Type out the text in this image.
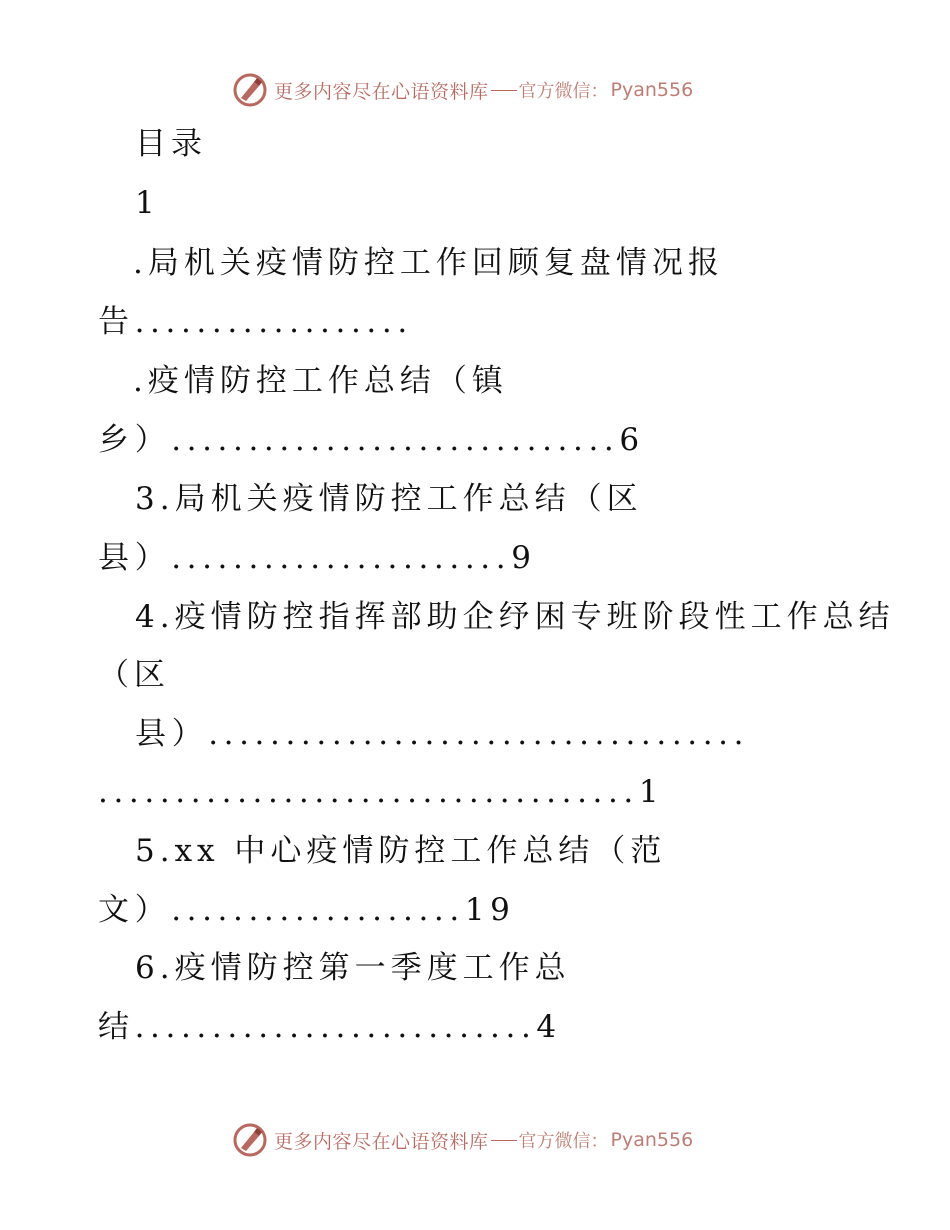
更多内容尽在心语资料库 官方微信： Pyan556
目录
1
.局机关疫情防控工作回顾复盘情况报
告..................
.疫情防控工作总结（镇
乡）.............................6
3.局机关疫情防控工作总结（区
县）......................9
4.疫情防控指挥部助企纾困专班阶段性工作总结
（区
县）...................................
...................................1
5.xx 中心疫情防控工作总结（范
文）...................19
6.疫情防控第一季度工作总
结..........................4
更多内容尽在心语资料库 官方微信： Pyan556
